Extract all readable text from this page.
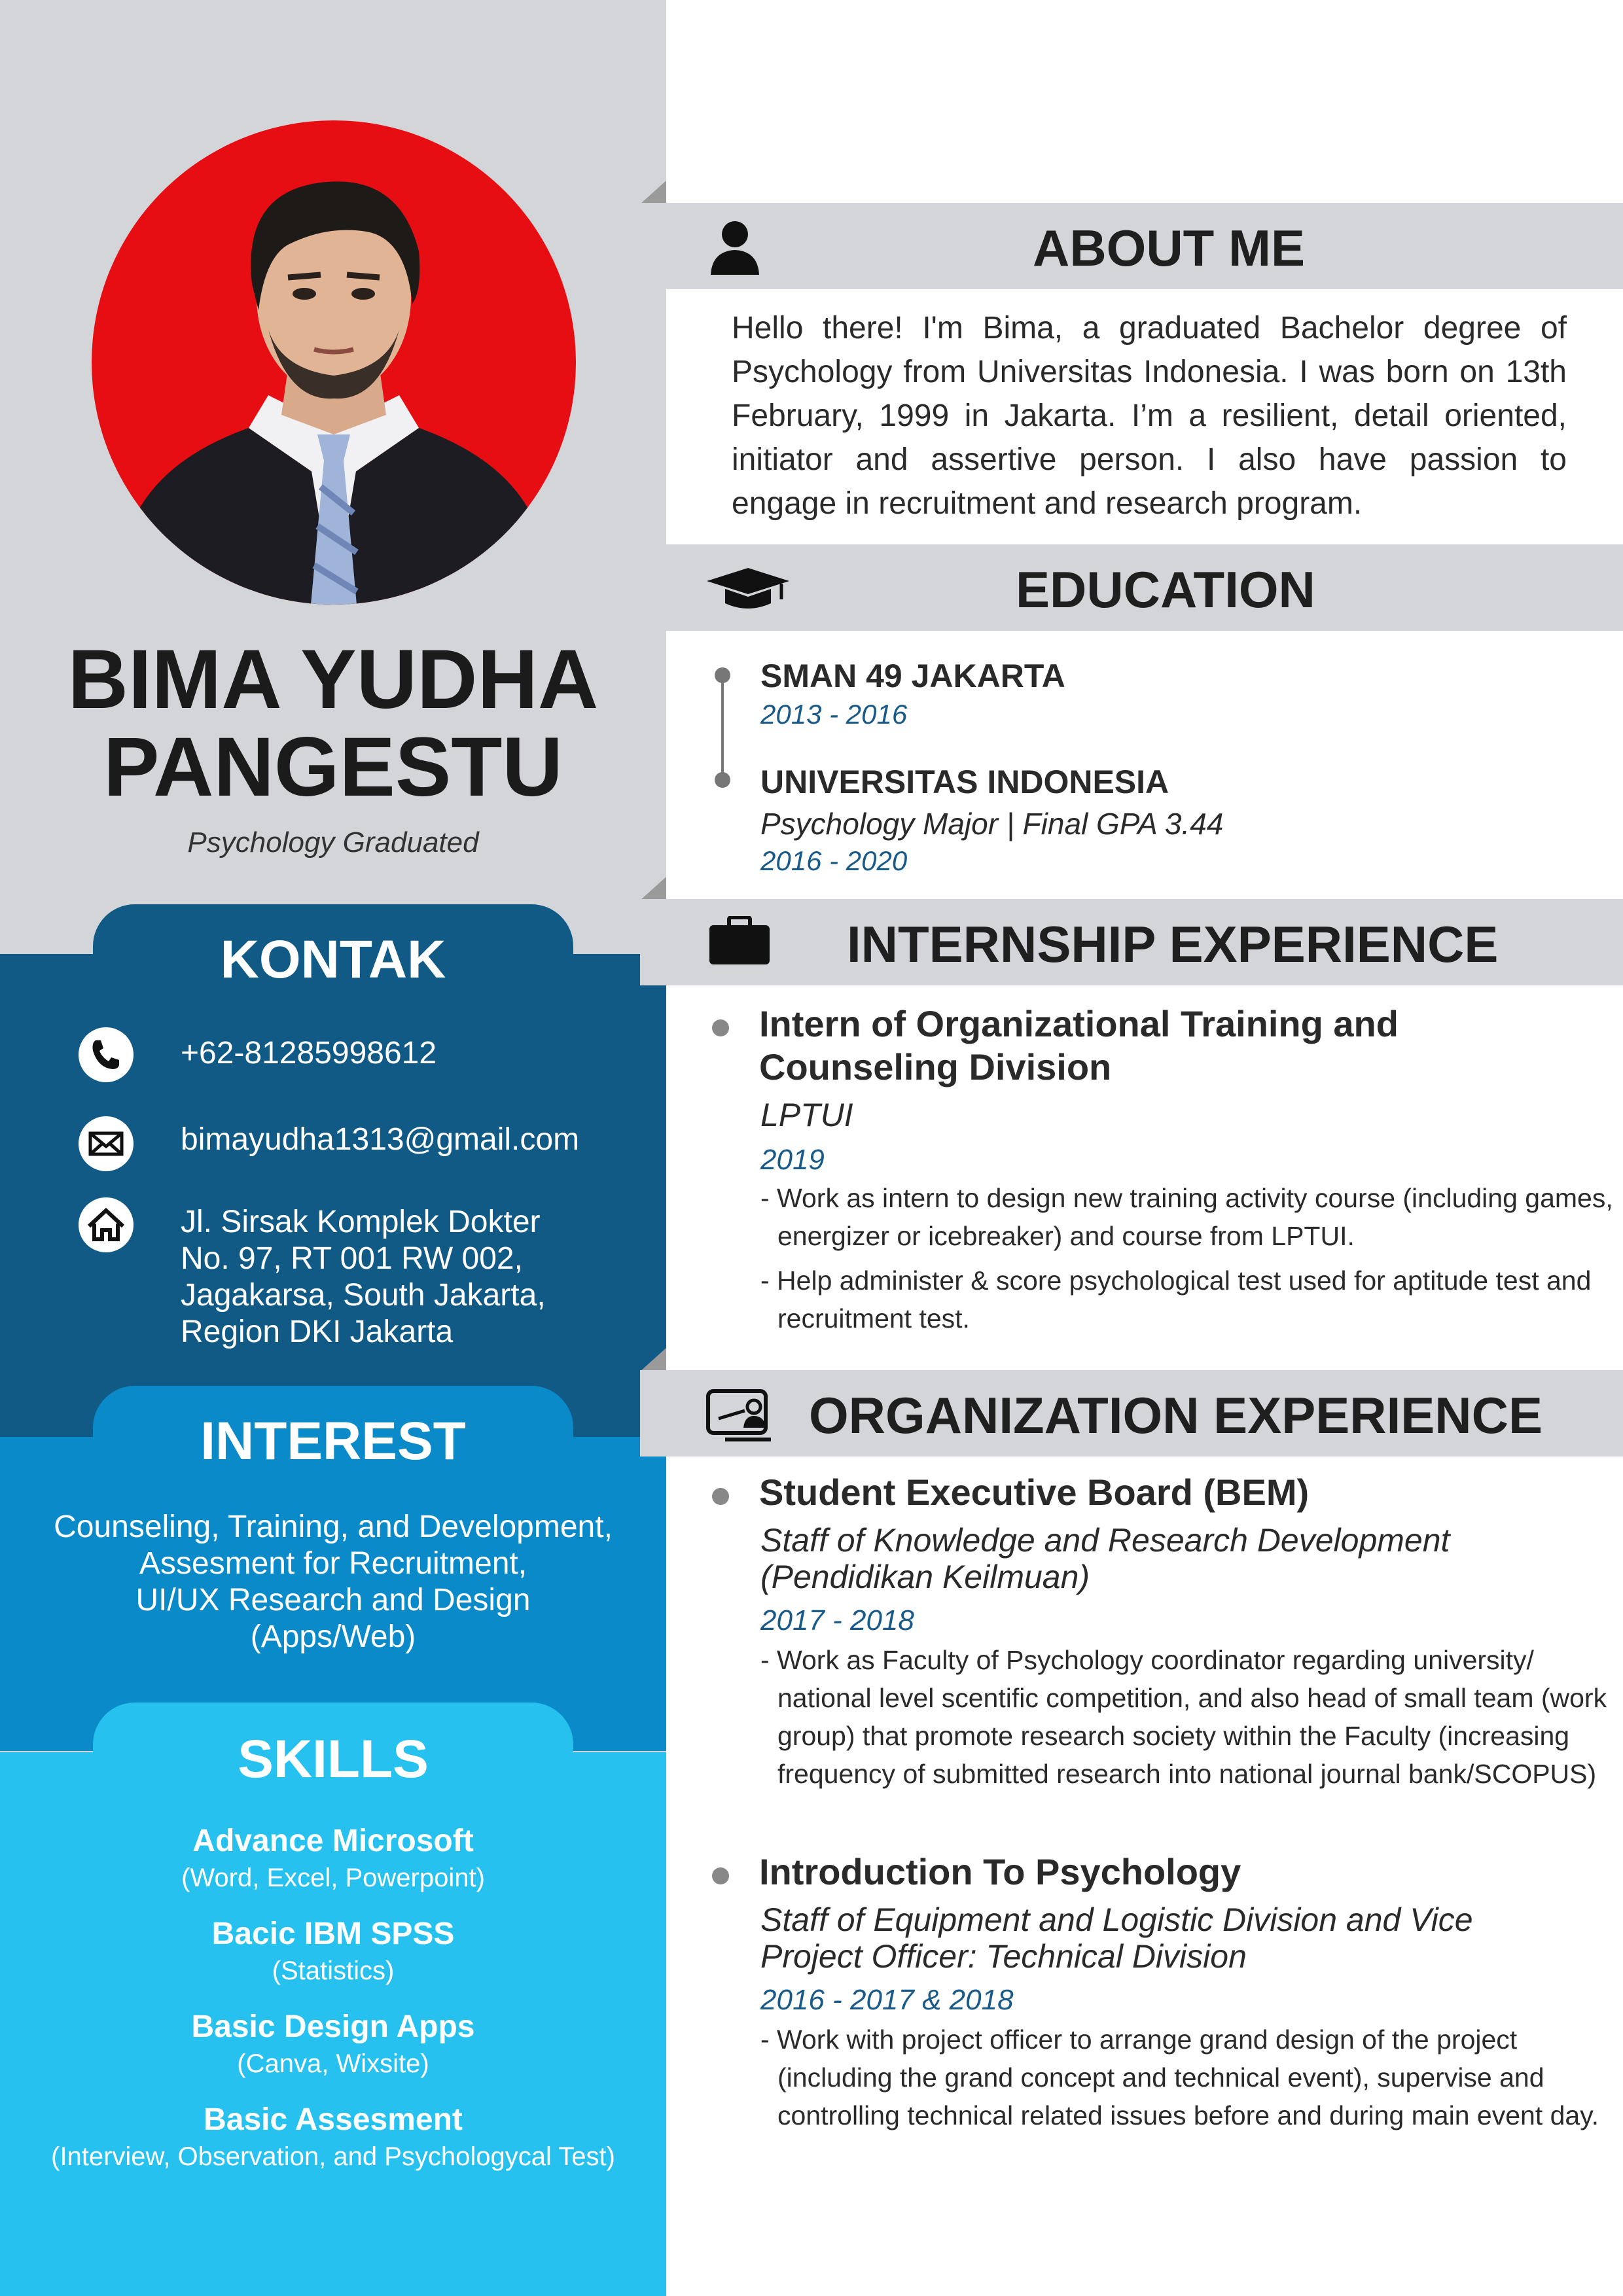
BIMA YUDHA
PANGESTU
Psychology Graduated
KONTAK
+62-81285998612
bimayudha1313@gmail.com
Jl. Sirsak Komplek Dokter
No. 97, RT 001 RW 002,
Jagakarsa, South Jakarta,
Region DKI Jakarta
INTEREST
Counseling, Training, and Development,
Assesment for Recruitment,
UI/UX Research and Design
(Apps/Web)
SKILLS
Advance Microsoft
(Word, Excel, Powerpoint)
Bacic IBM SPSS
(Statistics)
Basic Design Apps
(Canva, Wixsite)
Basic Assesment
(Interview, Observation, and Psychologycal Test)
ABOUT ME
Hello there! I'm Bima, a graduated Bachelor degree of Psychology from Universitas Indonesia. I was born on 13th February, 1999 in Jakarta. I’m a resilient, detail oriented, initiator and assertive person. I also have passion to engage in recruitment and research program.
EDUCATION
SMAN 49 JAKARTA
2013 - 2016
UNIVERSITAS INDONESIA
Psychology Major | Final GPA 3.44
2016 - 2020
INTERNSHIP EXPERIENCE
Intern of Organizational Training and Counseling Division
LPTUI
2019
- Work as intern to design new training activity course (including games, energizer or icebreaker) and course from LPTUI.
- Help administer & score psychological test used for aptitude test and recruitment test.
ORGANIZATION EXPERIENCE
Student Executive Board (BEM)
Staff of Knowledge and Research Development (Pendidikan Keilmuan)
2017 - 2018
- Work as Faculty of Psychology coordinator regarding university/ national level scentific competition, and also head of small team (work group) that promote research society within the Faculty (increasing frequency of submitted research into national journal bank/SCOPUS)
Introduction To Psychology
Staff of Equipment and Logistic Division and Vice Project Officer: Technical Division
2016 - 2017 & 2018
- Work with project officer to arrange grand design of the project (including the grand concept and technical event), supervise and controlling technical related issues before and during main event day.
